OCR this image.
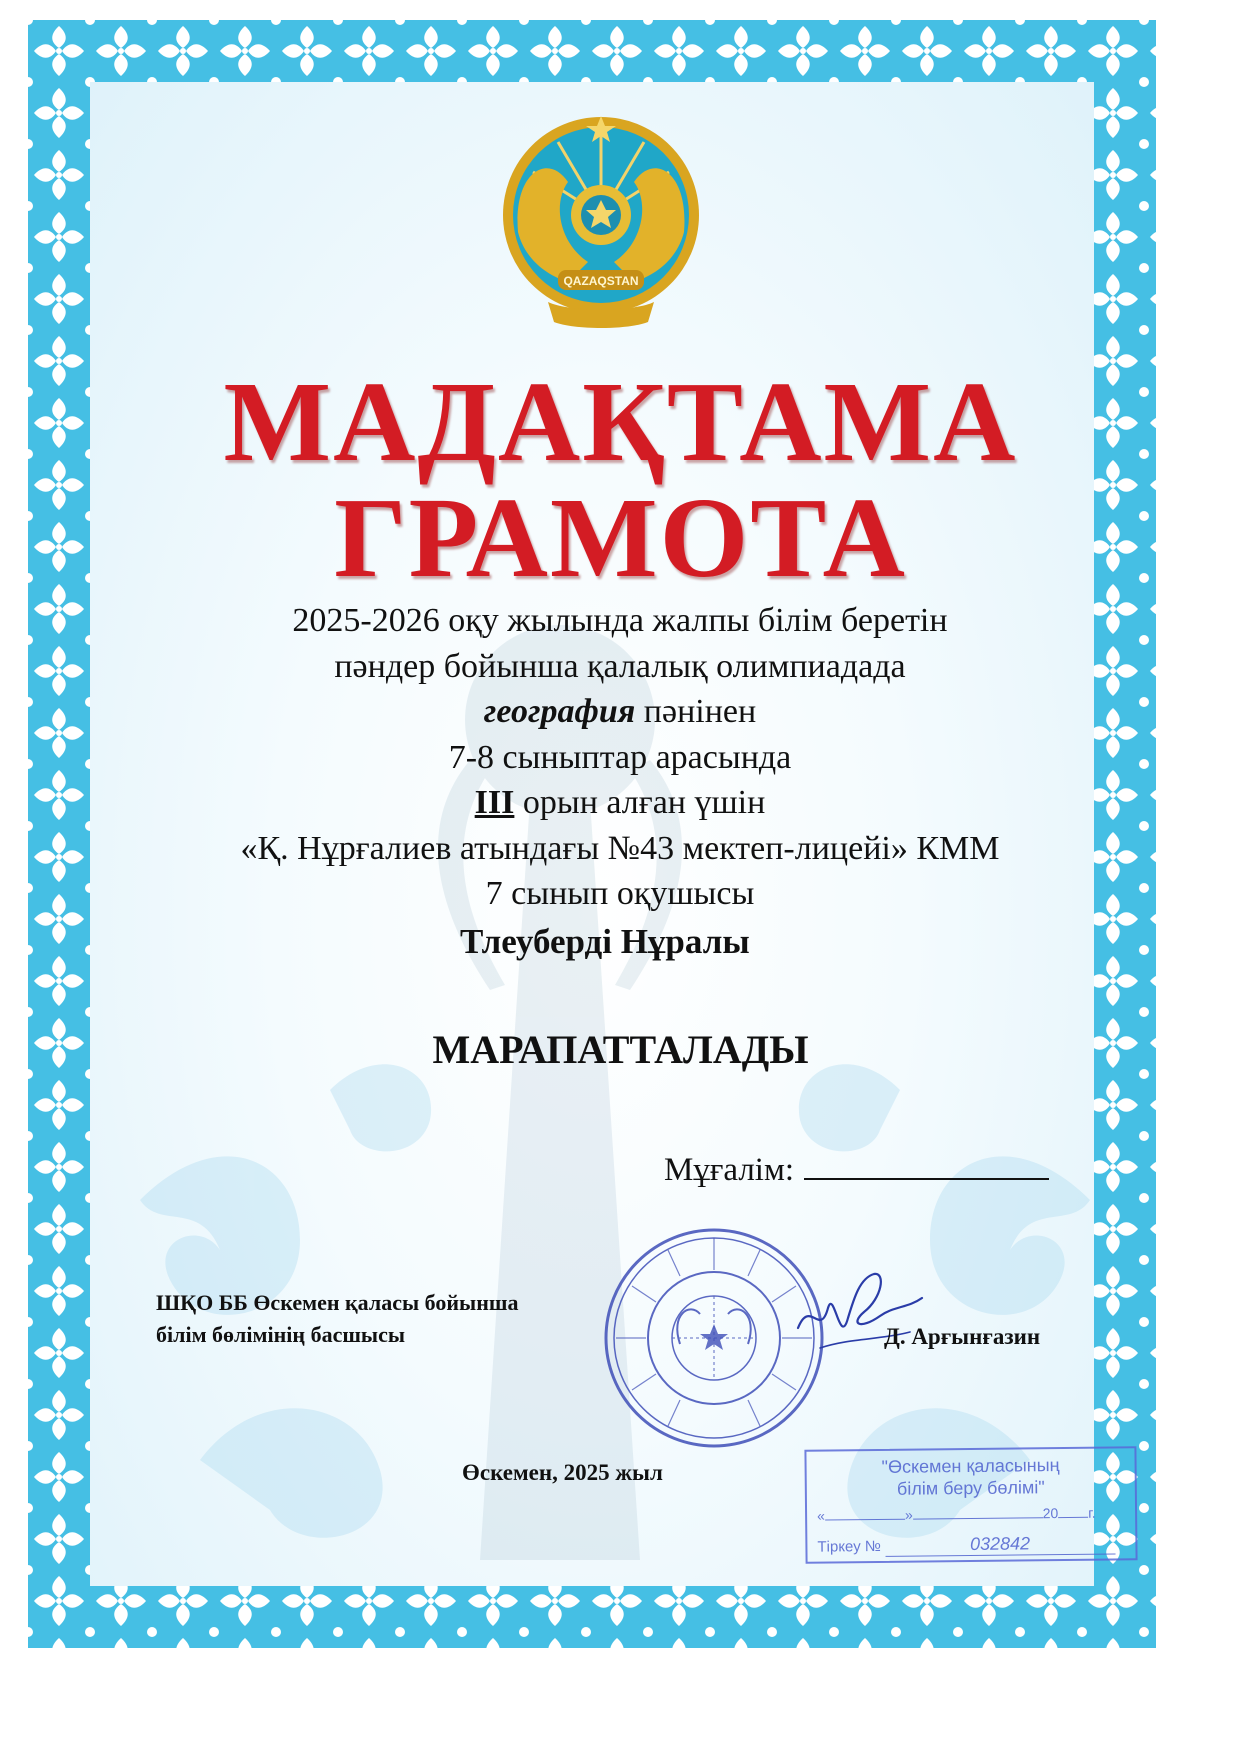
QAZAQSTAN
МАДАҚТАМА
ГРАМОТА
2025-2026 оқу жылында жалпы білім беретін
пәндер бойынша қалалық олимпиадада
география пәнінен
7-8 сыныптар арасында
III орын алған үшін
«Қ. Нұрғалиев атындағы №43 мектеп-лицейі» КММ
7 сынып оқушысы
Тлеуберді Нұралы
МАРАПАТТАЛАДЫ
Мұғалім:
ШҚО ББ Өскемен қаласы бойынша
білім бөлімінің басшысы	Д. Арғынғазин
Өскемен, 2025 жыл	"Өскемен қаласының
білім беру бөлімі"
«	»	20 г.
Тіркеу №	032842
